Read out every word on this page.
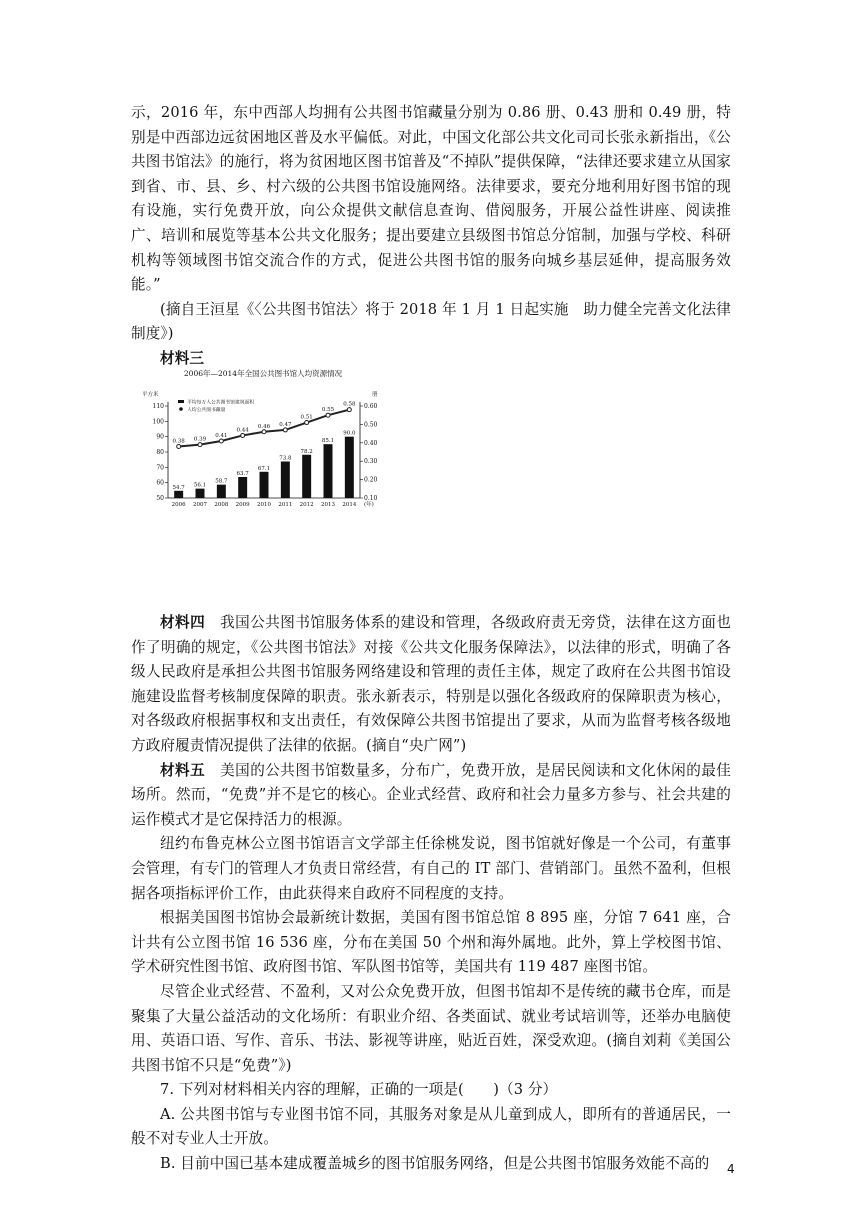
示，2016 年，东中西部人均拥有公共图书馆藏量分别为 0.86 册、0.43 册和 0.49 册，特别是中西部边远贫困地区普及水平偏低。对此，中国文化部公共文化司司长张永新指出，《公共图书馆法》的施行，将为贫困地区图书馆普及“不掉队”提供保障，“法律还要求建立从国家到省、市、县、乡、村六级的公共图书馆设施网络。法律要求，要充分地利用好图书馆的现有设施，实行免费开放，向公众提供文献信息查询、借阅服务，开展公益性讲座、阅读推广、培训和展览等基本公共文化服务；提出要建立县级图书馆总分馆制，加强与学校、科研机构等领域图书馆交流合作的方式，促进公共图书馆的服务向城乡基层延伸，提高服务效能。”

(摘自王洹星《〈公共图书馆法〉将于 2018 年 1 月 1 日起实施　助力健全完善文化法律制度》)

材料三

2006年—2014年全国公共图书馆人均资源情况
平方米	册
50
60
70
80
90
100
110
0.10
0.20
0.30
0.40
0.50
0.60
54.7 56.1
58.7
63.7
67.1
73.8
78.2
85.1
90.0
0.38 0.39
0.41
0.44
0.46 0.47
0.51
0.55
0.58
2006 2007 2008 2009 2010 2011 2012 2013 2014 (年)
平均每万人公共图书馆建筑面积
人均公共图书藏量

材料四　我国公共图书馆服务体系的建设和管理，各级政府责无旁贷，法律在这方面也作了明确的规定，《公共图书馆法》对接《公共文化服务保障法》，以法律的形式，明确了各级人民政府是承担公共图书馆服务网络建设和管理的责任主体，规定了政府在公共图书馆设施建设监督考核制度保障的职责。张永新表示，特别是以强化各级政府的保障职责为核心，对各级政府根据事权和支出责任，有效保障公共图书馆提出了要求，从而为监督考核各级地方政府履责情况提供了法律的依据。(摘自“央广网”)

材料五　美国的公共图书馆数量多，分布广，免费开放，是居民阅读和文化休闲的最佳场所。然而，“免费”并不是它的核心。企业式经营、政府和社会力量多方参与、社会共建的运作模式才是它保持活力的根源。

纽约布鲁克林公立图书馆语言文学部主任徐桃发说，图书馆就好像是一个公司，有董事会管理，有专门的管理人才负责日常经营，有自己的 IT 部门、营销部门。虽然不盈利，但根据各项指标评价工作，由此获得来自政府不同程度的支持。

根据美国图书馆协会最新统计数据，美国有图书馆总馆 8 895 座，分馆 7 641 座，合计共有公立图书馆 16 536 座，分布在美国 50 个州和海外属地。此外，算上学校图书馆、学术研究性图书馆、政府图书馆、军队图书馆等，美国共有 119 487 座图书馆。

尽管企业式经营、不盈利，又对公众免费开放，但图书馆却不是传统的藏书仓库，而是聚集了大量公益活动的文化场所：有职业介绍、各类面试、就业考试培训等，还举办电脑使用、英语口语、写作、音乐、书法、影视等讲座，贴近百姓，深受欢迎。(摘自刘莉《美国公共图书馆不只是“免费”》)

7. 下列对材料相关内容的理解，正确的一项是(　　)（3 分）

A. 公共图书馆与专业图书馆不同，其服务对象是从儿童到成人，即所有的普通居民，一般不对专业人士开放。

B. 目前中国已基本建成覆盖城乡的图书馆服务网络，但是公共图书馆服务效能不高的	4
